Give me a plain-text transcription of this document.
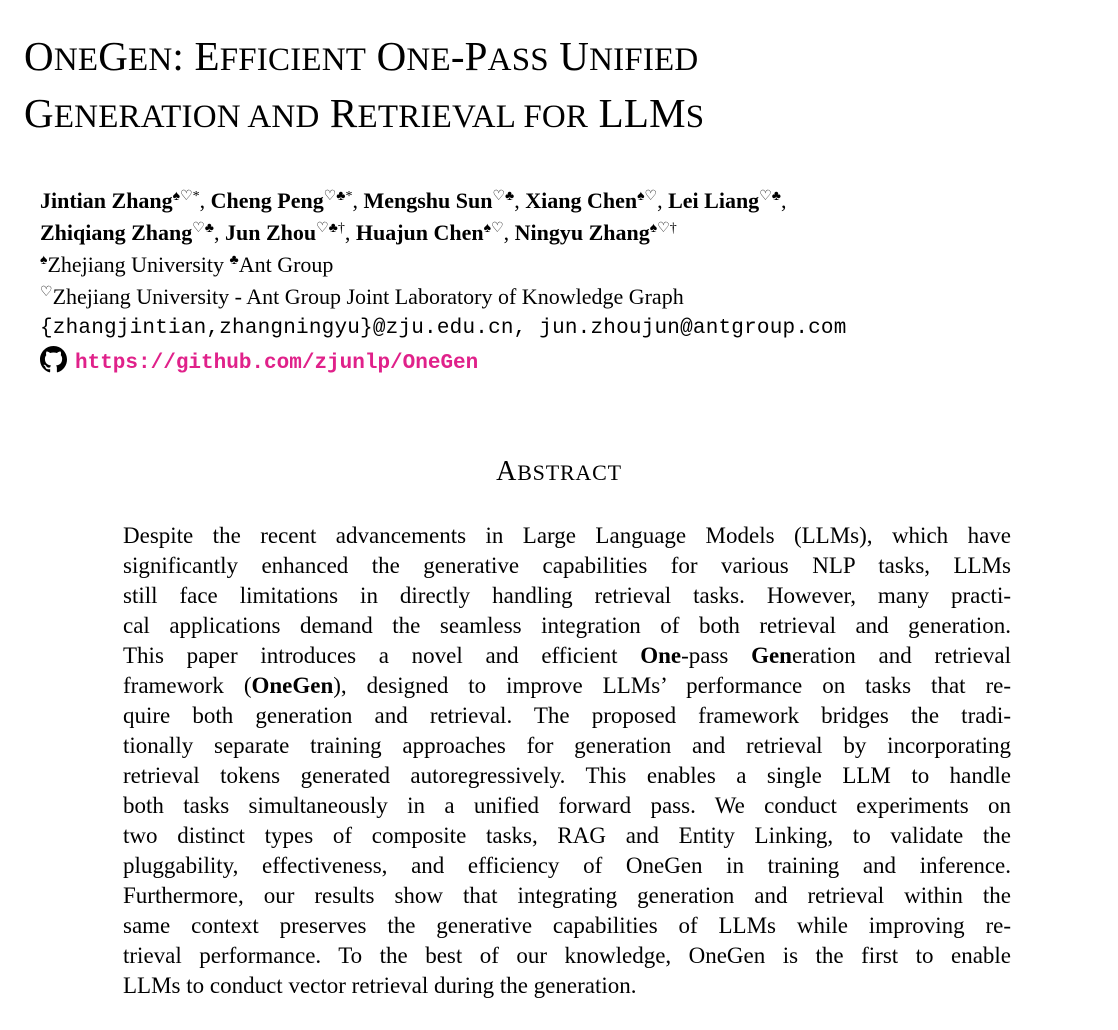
ONEGEN: EFFICIENT ONE-PASS UNIFIED
GENERATION AND RETRIEVAL FOR LLMS
Jintian Zhang♠♡*, Cheng Peng♡♣*, Mengshu Sun♡♣, Xiang Chen♠♡, Lei Liang♡♣,
Zhiqiang Zhang♡♣, Jun Zhou♡♣†, Huajun Chen♠♡, Ningyu Zhang♠♡†
♠Zhejiang University ♣Ant Group
♡Zhejiang University - Ant Group Joint Laboratory of Knowledge Graph
{zhangjintian,zhangningyu}@zju.edu.cn, jun.zhoujun@antgroup.com
https://github.com/zjunlp/OneGen
ABSTRACT
Despite the recent advancements in Large Language Models (LLMs), which have
significantly enhanced the generative capabilities for various NLP tasks, LLMs
still face limitations in directly handling retrieval tasks. However, many practi-
cal applications demand the seamless integration of both retrieval and generation.
This paper introduces a novel and efficient One-pass Generation and retrieval
framework (OneGen), designed to improve LLMs’ performance on tasks that re-
quire both generation and retrieval. The proposed framework bridges the tradi-
tionally separate training approaches for generation and retrieval by incorporating
retrieval tokens generated autoregressively. This enables a single LLM to handle
both tasks simultaneously in a unified forward pass. We conduct experiments on
two distinct types of composite tasks, RAG and Entity Linking, to validate the
pluggability, effectiveness, and efficiency of OneGen in training and inference.
Furthermore, our results show that integrating generation and retrieval within the
same context preserves the generative capabilities of LLMs while improving re-
trieval performance. To the best of our knowledge, OneGen is the first to enable
LLMs to conduct vector retrieval during the generation.
